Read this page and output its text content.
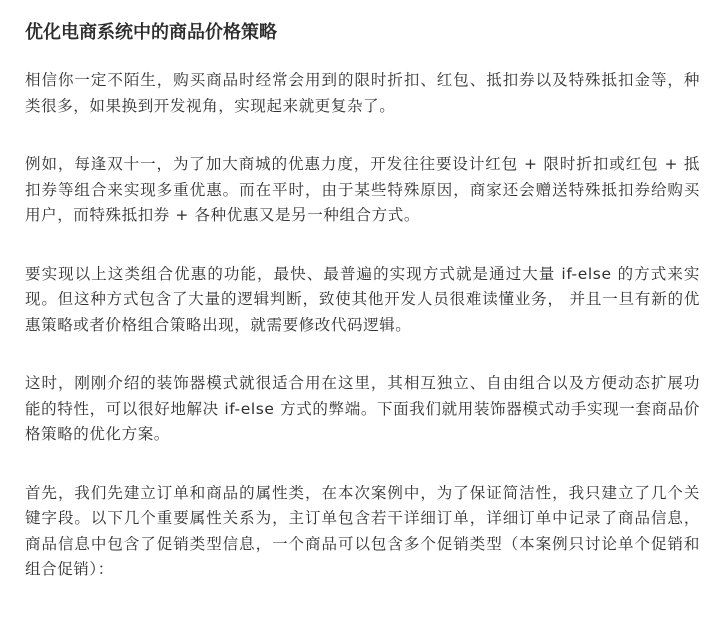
优化电商系统中的商品价格策略

相信你一定不陌生，购买商品时经常会用到的限时折扣、红包、抵扣券以及特殊抵扣金等，种类很多，如果换到开发视角，实现起来就更复杂了。

例如，每逢双十一，为了加大商城的优惠力度，开发往往要设计红包 + 限时折扣或红包 + 抵扣券等组合来实现多重优惠。而在平时，由于某些特殊原因，商家还会赠送特殊抵扣券给购买用户，而特殊抵扣券 + 各种优惠又是另一种组合方式。

要实现以上这类组合优惠的功能，最快、最普遍的实现方式就是通过大量 if-else 的方式来实现。但这种方式包含了大量的逻辑判断，致使其他开发人员很难读懂业务， 并且一旦有新的优惠策略或者价格组合策略出现，就需要修改代码逻辑。

这时，刚刚介绍的装饰器模式就很适合用在这里，其相互独立、自由组合以及方便动态扩展功能的特性，可以很好地解决 if-else 方式的弊端。下面我们就用装饰器模式动手实现一套商品价格策略的优化方案。

首先，我们先建立订单和商品的属性类，在本次案例中，为了保证简洁性，我只建立了几个关键字段。以下几个重要属性关系为，主订单包含若干详细订单，详细订单中记录了商品信息，商品信息中包含了促销类型信息，一个商品可以包含多个促销类型（本案例只讨论单个促销和组合促销）：
